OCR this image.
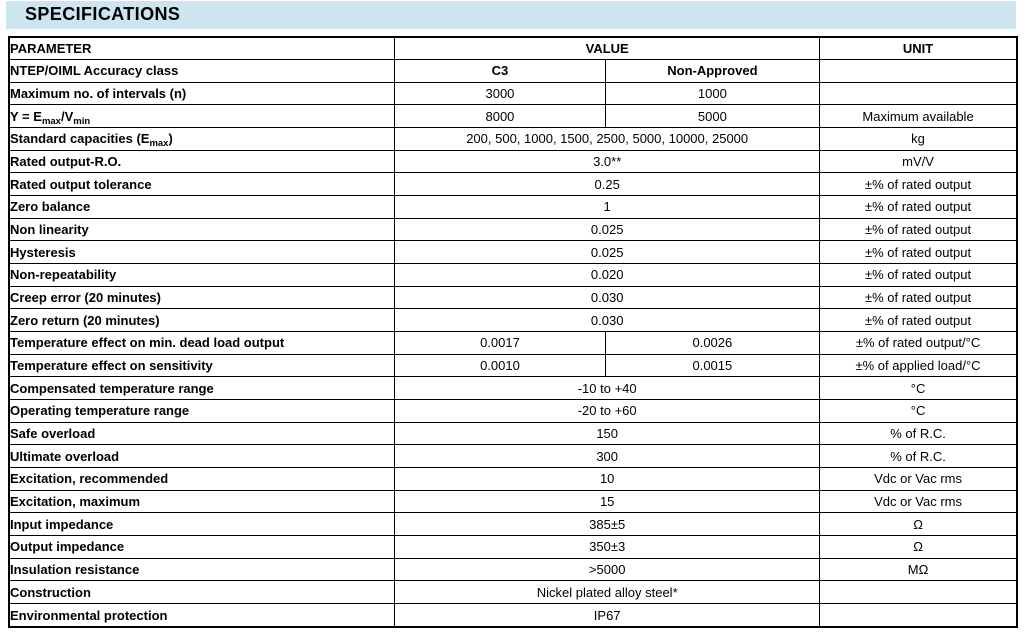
SPECIFICATIONS
PARAMETER	VALUE		UNIT
NTEP/OIML Accuracy class	C3	Non-Approved	
Maximum no. of intervals (n)	3000	1000	
$Y = E_{max}/V_{min}$	8000	5000	Maximum available
Standard capacities $(E_{max})$	200, 500, 1000, 1500, 2500, 5000, 10000, 25000		kg
Rated output-R.O.	3.0**		mV/V
Rated output tolerance	0.25		±% of rated output
Zero balance	1		±% of rated output
Non linearity	0.025		±% of rated output
Hysteresis	0.025		±% of rated output
Non-repeatability	0.020		±% of rated output
Creep error (20 minutes)	0.030		±% of rated output
Zero return (20 minutes)	0.030		±% of rated output
Temperature effect on min. dead load output	0.0017	0.0026	±% of rated output/°C
Temperature effect on sensitivity	0.0010	0.0015	±% of applied load/°C
Compensated temperature range	-10 to +40		°C
Operating temperature range	-20 to +60		°C
Safe overload	150		% of R.C.
Ultimate overload	300		% of R.C.
Excitation, recommended	10		Vdc or Vac rms
Excitation, maximum	15		Vdc or Vac rms
Input impedance	385±5		Ω
Output impedance	350±3		Ω
Insulation resistance	>5000		MΩ
Construction	Nickel plated alloy steel*		
Environmental protection	IP67		
